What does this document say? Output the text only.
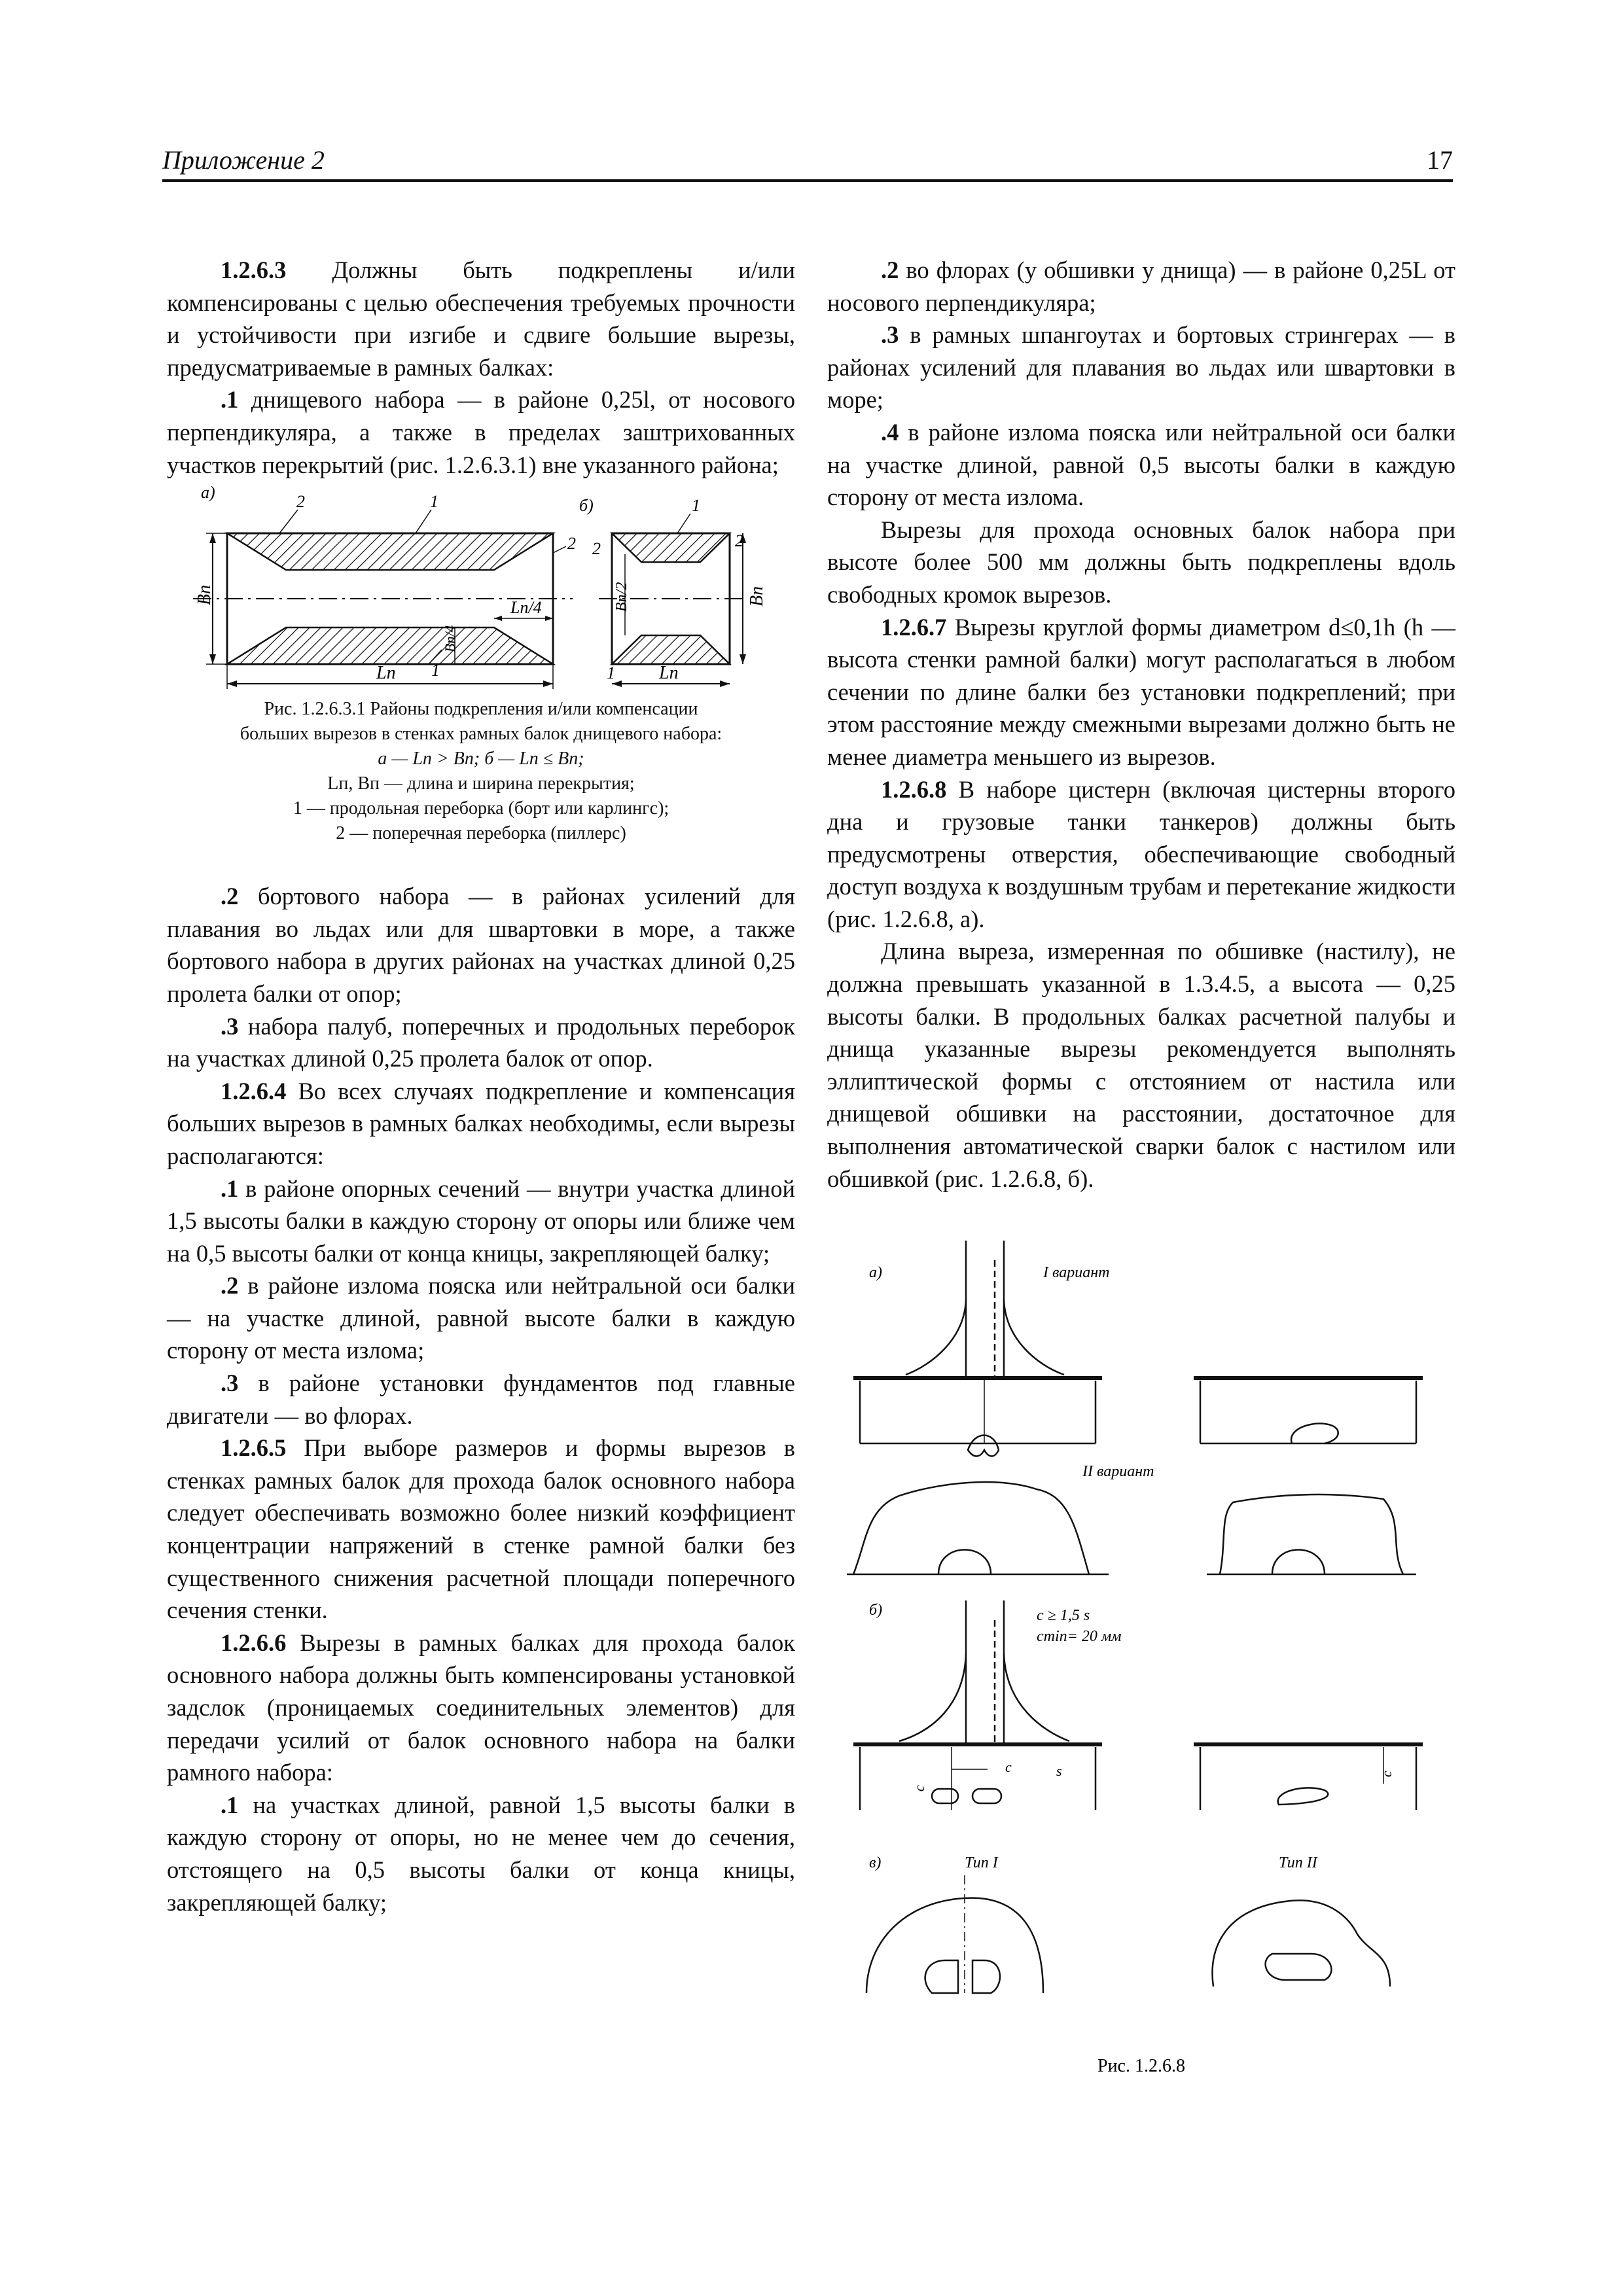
Приложение 2	17

1.2.6.3 Должны быть подкреплены и/или компенсированы с целью обеспечения требуемых прочности и устойчивости при изгибе и сдвиге большие вырезы, предусматриваемые в рамных балках:

.1 днищевого набора — в районе 0,25l, от носового перпендикуляра, а также в пределах заштрихованных участков перекрытий (рис. 1.2.6.3.1) вне указанного района;

а)
б)
Bп
Lп
Lп/4
Bп/4
2	1
2
1
Bп/2	Bп
Lп
1
2	2
1

Рис. 1.2.6.3.1 Районы подкрепления и/или компенсации
больших вырезов в стенках рамных балок днищевого набора:
а — Lп > Bп; б — Lп ≤ Bп;
Lп, Bп — длина и ширина перекрытия;
1 — продольная переборка (борт или карлингс);
2 — поперечная переборка (пиллерс)

.2 бортового набора — в районах усилений для плавания во льдах или для швартовки в море, а также бортового набора в других районах на участках длиной 0,25 пролета балки от опор;

.3 набора палуб, поперечных и продольных переборок на участках длиной 0,25 пролета балок от опор.

1.2.6.4 Во всех случаях подкрепление и компенсация больших вырезов в рамных балках необходимы, если вырезы располагаются:

.1 в районе опорных сечений — внутри участка длиной 1,5 высоты балки в каждую сторону от опоры или ближе чем на 0,5 высоты балки от конца кницы, закрепляющей балку;

.2 в районе излома пояска или нейтральной оси балки — на участке длиной, равной высоте балки в каждую сторону от места излома;

.3 в районе установки фундаментов под главные двигатели — во флорах.

1.2.6.5 При выборе размеров и формы вырезов в стенках рамных балок для прохода балок основного набора следует обеспечивать возможно более низкий коэффициент концентрации напряжений в стенке рамной балки без существенного снижения расчетной площади поперечного сечения стенки.

1.2.6.6 Вырезы в рамных балках для прохода балок основного набора должны быть компенсированы установкой задслок (проницаемых соединительных элементов) для передачи усилий от балок основного набора на балки рамного набора:

.1 на участках длиной, равной 1,5 высоты балки в каждую сторону от опоры, но не менее чем до сечения, отстоящего на 0,5 высоты балки от конца кницы, закрепляющей балку;

.2 во флорах (у обшивки у днища) — в районе 0,25L от носового перпендикуляра;

.3 в рамных шпангоутах и бортовых стрингерах — в районах усилений для плавания во льдах или швартовки в море;

.4 в районе излома пояска или нейтральной оси балки на участке длиной, равной 0,5 высоты балки в каждую сторону от места излома.

Вырезы для прохода основных балок набора при высоте более 500 мм должны быть подкреплены вдоль свободных кромок вырезов.

1.2.6.7 Вырезы круглой формы диаметром d≤0,1h (h — высота стенки рамной балки) могут располагаться в любом сечении по длине балки без установки подкреплений; при этом расстояние между смежными вырезами должно быть не менее диаметра меньшего из вырезов.

1.2.6.8 В наборе цистерн (включая цистерны второго дна и грузовые танки танкеров) должны быть предусмотрены отверстия, обеспечивающие свободный доступ воздуха к воздушным трубам и перетекание жидкости (рис. 1.2.6.8, а).

Длина выреза, измеренная по обшивке (настилу), не должна превышать указанной в 1.3.4.5, а высота — 0,25 высоты балки. В продольных балках расчетной палубы и днища указанные вырезы рекомендуется выполнять эллиптической формы с отстоянием от настила или днищевой обшивки на расстоянии, достаточное для выполнения автоматической сварки балок с настилом или обшивкой (рис. 1.2.6.8, б).

а)	I вариант
II вариант
б)	c ≥ 1,5 s
cmin= 20 мм
c	s
c
c
в)	Тип I	Тип II
Рис. 1.2.6.8
